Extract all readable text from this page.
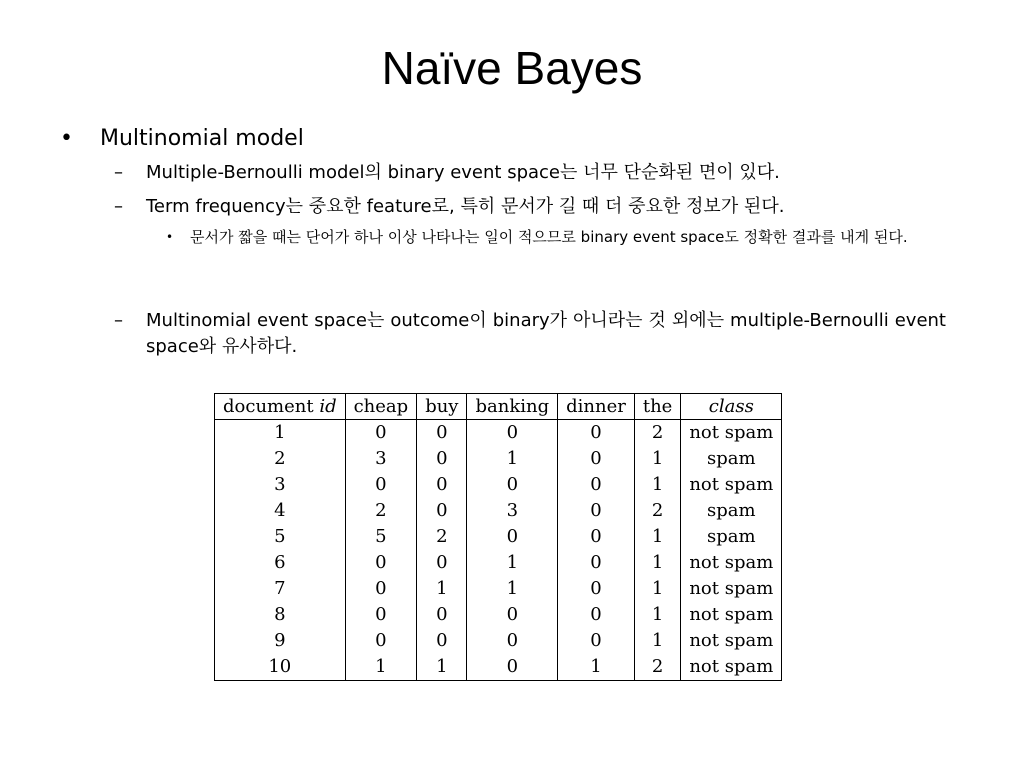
Naïve Bayes
• Multinomial model
– Multiple-Bernoulli model의 binary event space는 너무 단순화된 면이 있다.
– Term frequency는 중요한 feature로, 특히 문서가 길 때 더 중요한 정보가 된다.
• 문서가 짧을 때는 단어가 하나 이상 나타나는 일이 적으므로 binary event space도 정확한 결과를 내게 된다.
– Multinomial event space는 outcome이 binary가 아니라는 것 외에는 multiple-Bernoulli event space와 유사하다.
document id	cheap	buy	banking	dinner	the	class
1	0	0	0	0	2	not spam
2	3	0	1	0	1	spam
3	0	0	0	0	1	not spam
4	2	0	3	0	2	spam
5	5	2	0	0	1	spam
6	0	0	1	0	1	not spam
7	0	1	1	0	1	not spam
8	0	0	0	0	1	not spam
9	0	0	0	0	1	not spam
10	1	1	0	1	2	not spam
